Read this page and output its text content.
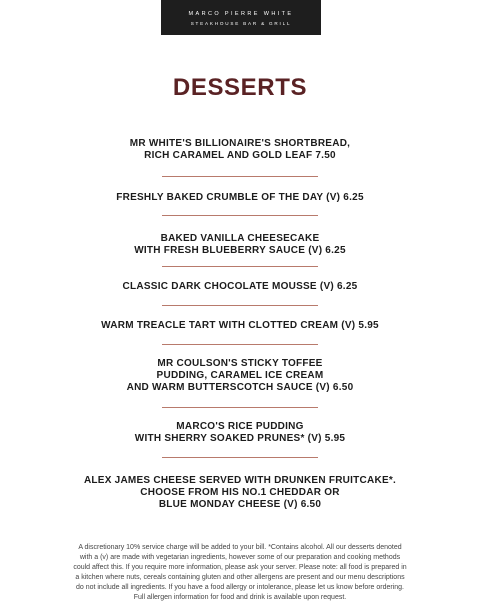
MARCO PIERRE WHITE
STEAKHOUSE BAR & GRILL
DESSERTS
MR WHITE'S BILLIONAIRE'S SHORTBREAD,
RICH CARAMEL AND GOLD LEAF 7.50
FRESHLY BAKED CRUMBLE OF THE DAY (V) 6.25
BAKED VANILLA CHEESECAKE
WITH FRESH BLUEBERRY SAUCE (V) 6.25
CLASSIC DARK CHOCOLATE MOUSSE (V) 6.25
WARM TREACLE TART WITH CLOTTED CREAM (V) 5.95
MR COULSON'S STICKY TOFFEE
PUDDING, CARAMEL ICE CREAM
AND WARM BUTTERSCOTCH SAUCE (V) 6.50
MARCO'S RICE PUDDING
WITH SHERRY SOAKED PRUNES* (V) 5.95
ALEX JAMES CHEESE SERVED WITH DRUNKEN FRUITCAKE*.
CHOOSE FROM HIS NO.1 CHEDDAR OR
BLUE MONDAY CHEESE (V) 6.50
A discretionary 10% service charge will be added to your bill. *Contains alcohol. All our desserts denoted
with a (v) are made with vegetarian ingredients, however some of our preparation and cooking methods
could affect this. If you require more information, please ask your server. Please note: all food is prepared in
a kitchen where nuts, cereals containing gluten and other allergens are present and our menu descriptions
do not include all ingredients. If you have a food allergy or intolerance, please let us know before ordering.
Full allergen information for food and drink is available upon request.
